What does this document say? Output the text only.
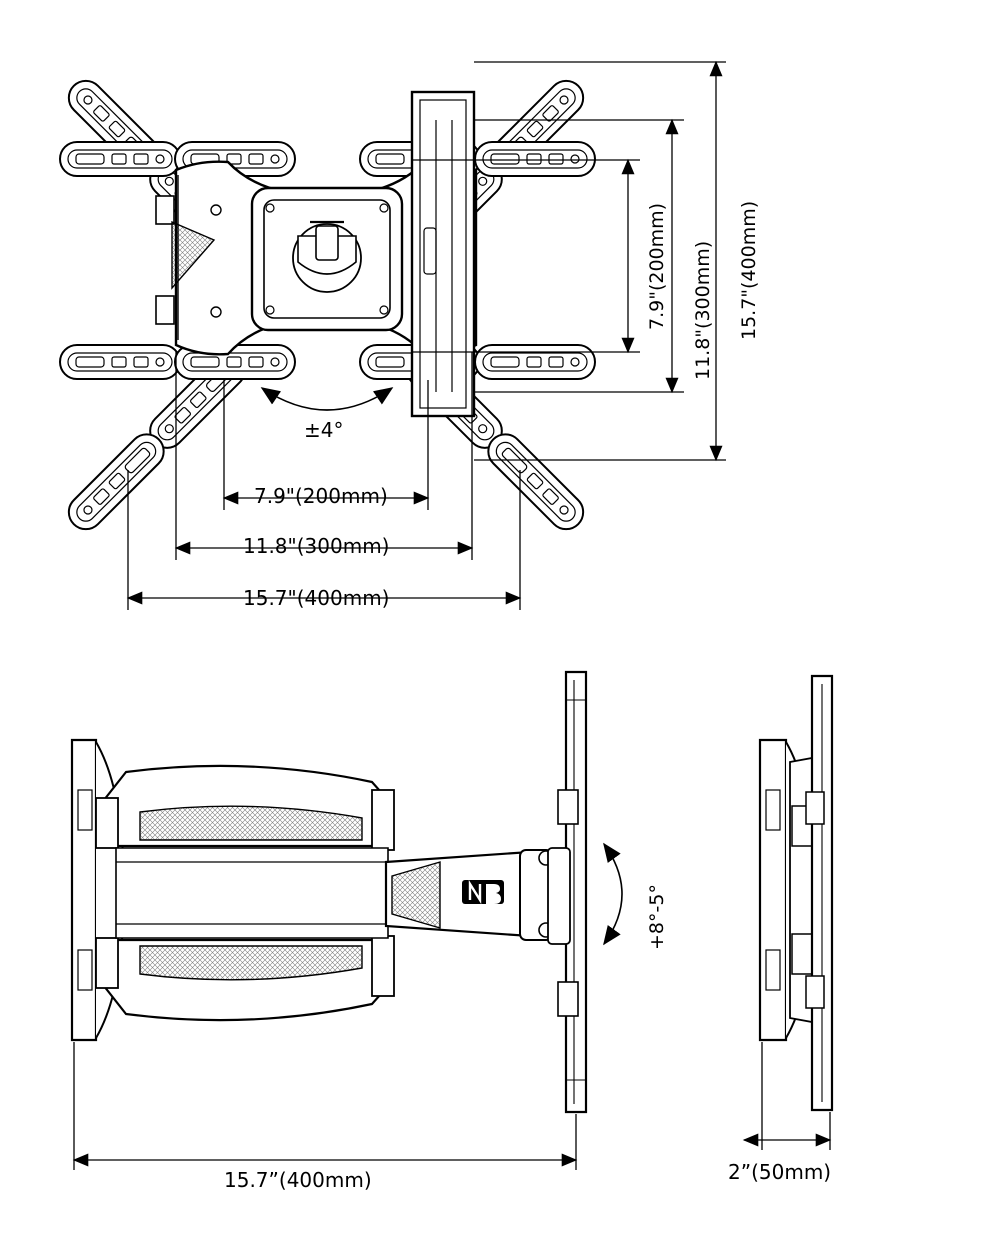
7.9"(200mm) 11.8"(300mm) 15.7"(400mm)
7.9"(200mm)
11.8"(300mm)
15.7"(400mm)
±4°
+8°-5°
15.7”(400mm)	2”(50mm)
